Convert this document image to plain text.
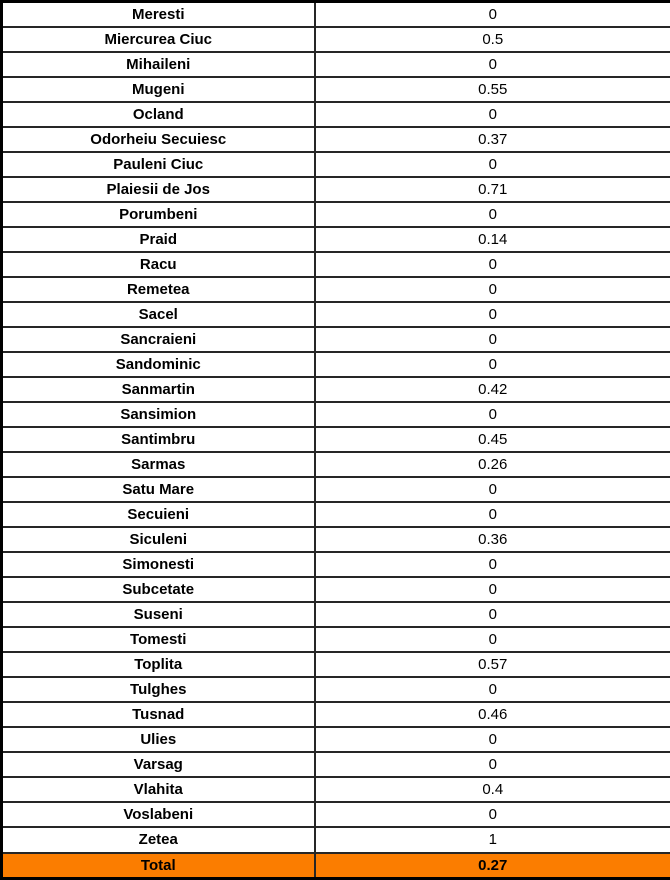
Meresti	0
Miercurea Ciuc	0.5
Mihaileni	0
Mugeni	0.55
Ocland	0
Odorheiu Secuiesc	0.37
Pauleni Ciuc	0
Plaiesii de Jos	0.71
Porumbeni	0
Praid	0.14
Racu	0
Remetea	0
Sacel	0
Sancraieni	0
Sandominic	0
Sanmartin	0.42
Sansimion	0
Santimbru	0.45
Sarmas	0.26
Satu Mare	0
Secuieni	0
Siculeni	0.36
Simonesti	0
Subcetate	0
Suseni	0
Tomesti	0
Toplita	0.57
Tulghes	0
Tusnad	0.46
Ulies	0
Varsag	0
Vlahita	0.4
Voslabeni	0
Zetea	1
Total	0.27
